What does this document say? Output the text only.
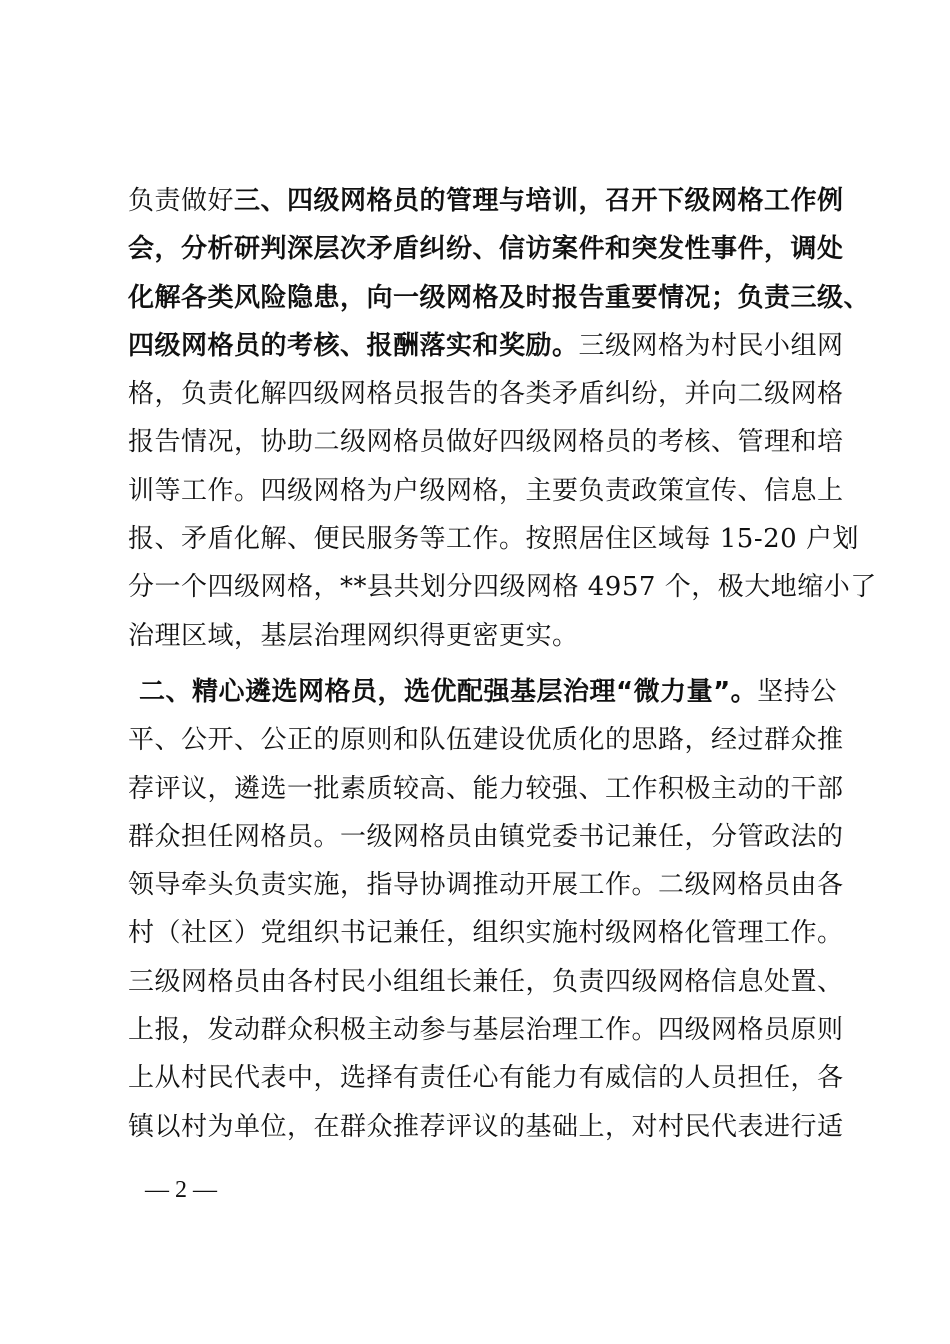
负责做好三、四级网格员的管理与培训，召开下级网格工作例
会，分析研判深层次矛盾纠纷、信访案件和突发性事件，调处
化解各类风险隐患，向一级网格及时报告重要情况；负责三级、
四级网格员的考核、报酬落实和奖励。三级网格为村民小组网
格，负责化解四级网格员报告的各类矛盾纠纷，并向二级网格
报告情况，协助二级网格员做好四级网格员的考核、管理和培
训等工作。四级网格为户级网格，主要负责政策宣传、信息上
报、矛盾化解、便民服务等工作。按照居住区域每 15-20 户划
分一个四级网格，**县共划分四级网格 4957 个，极大地缩小了
治理区域，基层治理网织得更密更实。
二、精心遴选网格员，选优配强基层治理“微力量”。坚持公
平、公开、公正的原则和队伍建设优质化的思路，经过群众推
荐评议，遴选一批素质较高、能力较强、工作积极主动的干部
群众担任网格员。一级网格员由镇党委书记兼任，分管政法的
领导牵头负责实施，指导协调推动开展工作。二级网格员由各
村（社区）党组织书记兼任，组织实施村级网格化管理工作。
三级网格员由各村民小组组长兼任，负责四级网格信息处置、
上报，发动群众积极主动参与基层治理工作。四级网格员原则
上从村民代表中，选择有责任心有能力有威信的人员担任，各
镇以村为单位，在群众推荐评议的基础上，对村民代表进行适
— 2 —
